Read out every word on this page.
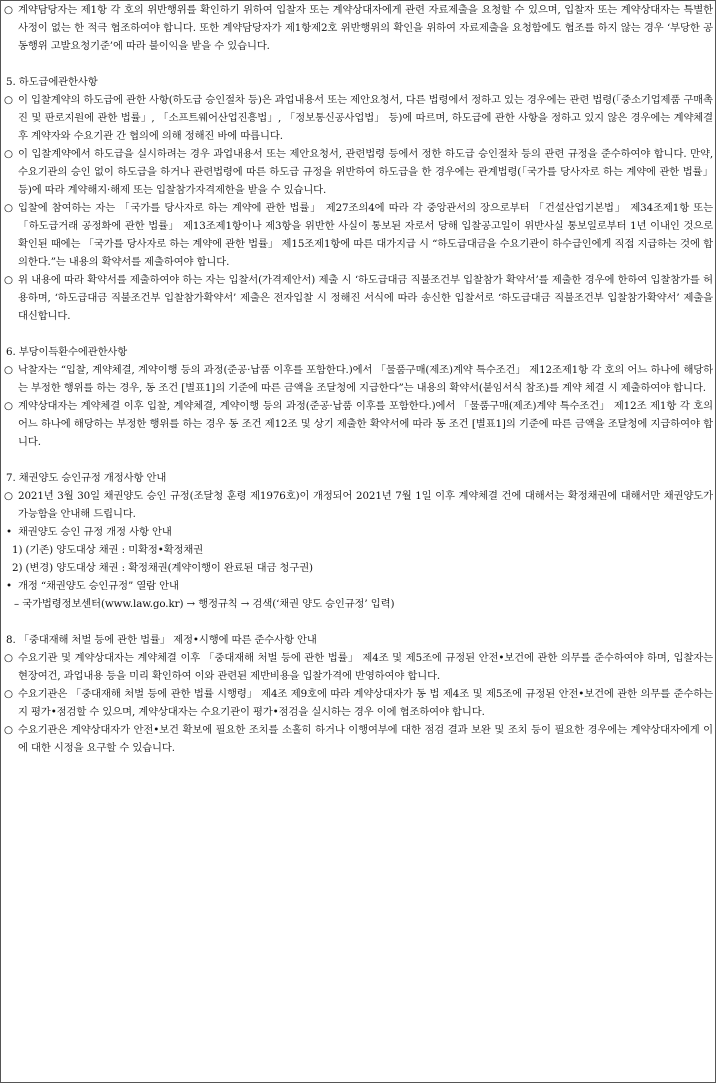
○ 계약담당자는 제1항 각 호의 위반행위를 확인하기 위하여 입찰자 또는 계약상대자에게 관련 자료제출을 요청할 수 있으며, 입찰자 또는 계약상대자는 특별한 사정이 없는 한 적극 협조하여야 합니다. 또한 계약담당자가 제1항제2호 위반행위의 확인을 위하여 자료제출을 요청함에도 협조를 하지 않는 경우 ‘부당한 공동행위 고발요청기준’에 따라 불이익을 받을 수 있습니다.

5. 하도급에관한사항

○ 이 입찰계약의 하도급에 관한 사항(하도급 승인절차 등)은 과업내용서 또는 제안요청서, 다른 법령에서 정하고 있는 경우에는 관련 법령(「중소기업제품 구매촉진 및 판로지원에 관한 법률」, 「소프트웨어산업진흥법」, 「정보통신공사업법」 등)에 따르며, 하도급에 관한 사항을 정하고 있지 않은 경우에는 계약체결 후 계약자와 수요기관 간 협의에 의해 정해진 바에 따릅니다.

○ 이 입찰계약에서 하도급을 실시하려는 경우 과업내용서 또는 제안요청서, 관련법령 등에서 정한 하도급 승인절차 등의 관련 규정을 준수하여야 합니다. 만약, 수요기관의 승인 없이 하도급을 하거나 관련법령에 따른 하도급 규정을 위반하여 하도급을 한 경우에는 관계법령(「국가를 당사자로 하는 계약에 관한 법률」 등)에 따라 계약해지·해제 또는 입찰참가자격제한을 받을 수 있습니다.

○ 입찰에 참여하는 자는 「국가를 당사자로 하는 계약에 관한 법률」 제27조의4에 따라 각 중앙관서의 장으로부터 「건설산업기본법」 제34조제1항 또는 「하도급거래 공정화에 관한 법률」 제13조제1항이나 제3항을 위반한 사실이 통보된 자로서 당해 입찰공고일이 위반사실 통보일로부터 1년 이내인 것으로 확인된 때에는 「국가를 당사자로 하는 계약에 관한 법률」 제15조제1항에 따른 대가지급 시 “하도급대금을 수요기관이 하수급인에게 직접 지급하는 것에 합의한다.”는 내용의 확약서를 제출하여야 합니다.

○ 위 내용에 따라 확약서를 제출하여야 하는 자는 입찰서(가격제안서) 제출 시 ‘하도급대금 직불조건부 입찰참가 확약서’를 제출한 경우에 한하여 입찰참가를 허용하며, ‘하도급대금 직불조건부 입찰참가확약서’ 제출은 전자입찰 시 정해진 서식에 따라 송신한 입찰서로 ‘하도급대금 직불조건부 입찰참가확약서’ 제출을 대신합니다.

6. 부당이득환수에관한사항

○ 낙찰자는 “입찰, 계약체결, 계약이행 등의 과정(준공·납품 이후를 포함한다.)에서 「물품구매(제조)계약 특수조건」 제12조제1항 각 호의 어느 하나에 해당하는 부정한 행위를 하는 경우, 동 조건 [별표1]의 기준에 따른 금액을 조달청에 지급한다”는 내용의 확약서(붙임서식 참조)를 계약 체결 시 제출하여야 합니다.

○ 계약상대자는 계약체결 이후 입찰, 계약체결, 계약이행 등의 과정(준공·납품 이후를 포함한다.)에서 「물품구매(제조)계약 특수조건」 제12조 제1항 각 호의 어느 하나에 해당하는 부정한 행위를 하는 경우 동 조건 제12조 및 상기 제출한 확약서에 따라 동 조건 [별표1]의 기준에 따른 금액을 조달청에 지급하여야 합니다.

7. 채권양도 승인규정 개정사항 안내

○ 2021년 3월 30일 채권양도 승인 규정(조달청 훈령 제1976호)이 개정되어 2021년 7월 1일 이후 계약체결 건에 대해서는 확정채권에 대해서만 채권양도가 가능함을 안내해 드립니다.

• 채권양도 승인 규정 개정 사항 안내

1) (기존) 양도대상 채권 : 미확정•확정채권

2) (변경) 양도대상 채권 : 확정채권(계약이행이 완료된 대금 청구권)

• 개정 “채권양도 승인규정” 열람 안내

– 국가법령정보센터(www.law.go.kr) → 행정규칙 → 검색(‘채권 양도 승인규정’ 입력)

8. 「중대재해 처벌 등에 관한 법률」 제정•시행에 따른 준수사항 안내

○ 수요기관 및 계약상대자는 계약체결 이후 「중대재해 처벌 등에 관한 법률」 제4조 및 제5조에 규정된 안전•보건에 관한 의무를 준수하여야 하며, 입찰자는 현장여건, 과업내용 등을 미리 확인하여 이와 관련된 제반비용을 입찰가격에 반영하여야 합니다.

○ 수요기관은 「중대재해 처벌 등에 관한 법률 시행령」 제4조 제9호에 따라 계약상대자가 동 법 제4조 및 제5조에 규정된 안전•보건에 관한 의무를 준수하는지 평가•점검할 수 있으며, 계약상대자는 수요기관이 평가•점검을 실시하는 경우 이에 협조하여야 합니다.

○ 수요기관은 계약상대자가 안전•보건 확보에 필요한 조치를 소홀히 하거나 이행여부에 대한 점검 결과 보완 및 조치 등이 필요한 경우에는 계약상대자에게 이에 대한 시정을 요구할 수 있습니다.
